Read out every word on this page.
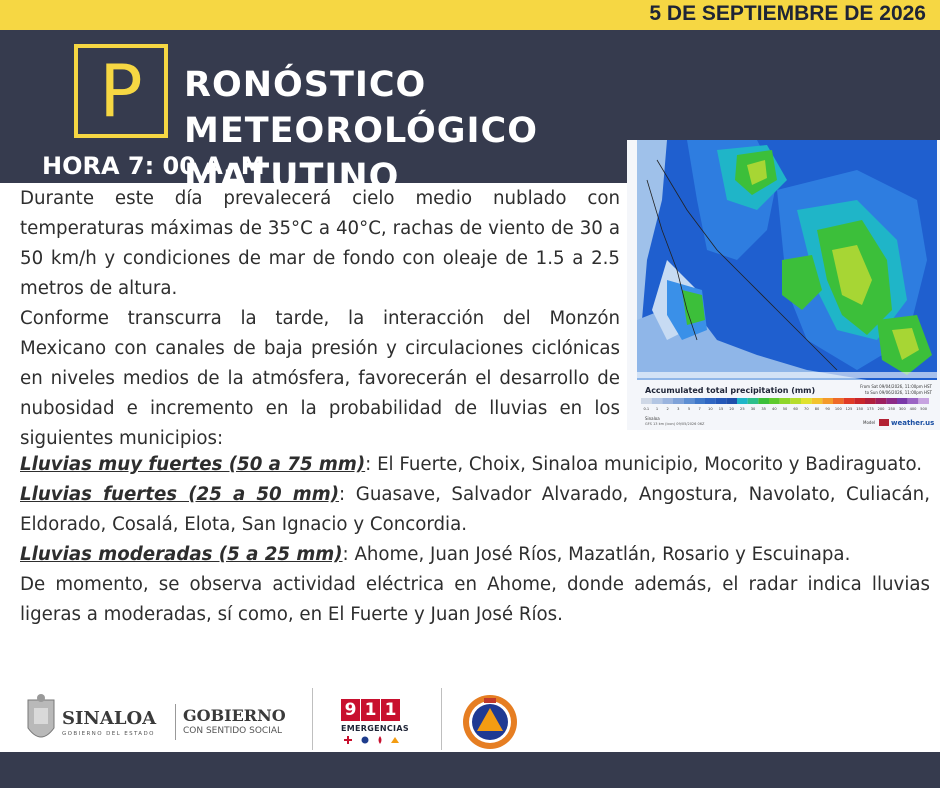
5 DE SEPTIEMBRE DE 2026
P	RONÓSTICO METEOROLÓGICO
MATUTINO
HORA 7: 00 A. M
Accumulated total precipitation (mm)	From Sat 09/04/2026, 11:00pm HST
to Sun 09/06/2026, 11:00pm HST
0.1 1 2 3 5 7 10 15 20 25 30 35 40 50 60 70 80 90 100 125 150 175 200 250 300 400 500
Sinaloa
GFS 13 km (icon) 09/05/2026 06Z	Model weather.us

Durante este día prevalecerá cielo medio nublado con temperaturas máximas de 35°C a 40°C, rachas de viento de 30 a 50 km/h y condiciones de mar de fondo con oleaje de 1.5 a 2.5 metros de altura.

Conforme transcurra la tarde, la interacción del Monzón Mexicano con canales de baja presión y circulaciones ciclónicas en niveles medios de la atmósfera, favorecerán el desarrollo de nubosidad e incremento en la probabilidad de lluvias en los siguientes municipios:

Lluvias muy fuertes (50 a 75 mm): El Fuerte, Choix, Sinaloa municipio, Mocorito y Badiraguato.

Lluvias fuertes (25 a 50 mm): Guasave, Salvador Alvarado, Angostura, Navolato, Culiacán, Eldorado, Cosalá, Elota, San Ignacio y Concordia.

Lluvias moderadas (5 a 25 mm): Ahome, Juan José Ríos, Mazatlán, Rosario y Escuinapa.

De momento, se observa actividad eléctrica en Ahome, donde además, el radar indica lluvias ligeras a moderadas, sí como, en El Fuerte y Juan José Ríos.

SINALOA
GOBIERNO DEL ESTADO
GOBIERNO
CON SENTIDO SOCIAL
9 1 1
EMERGENCIAS
